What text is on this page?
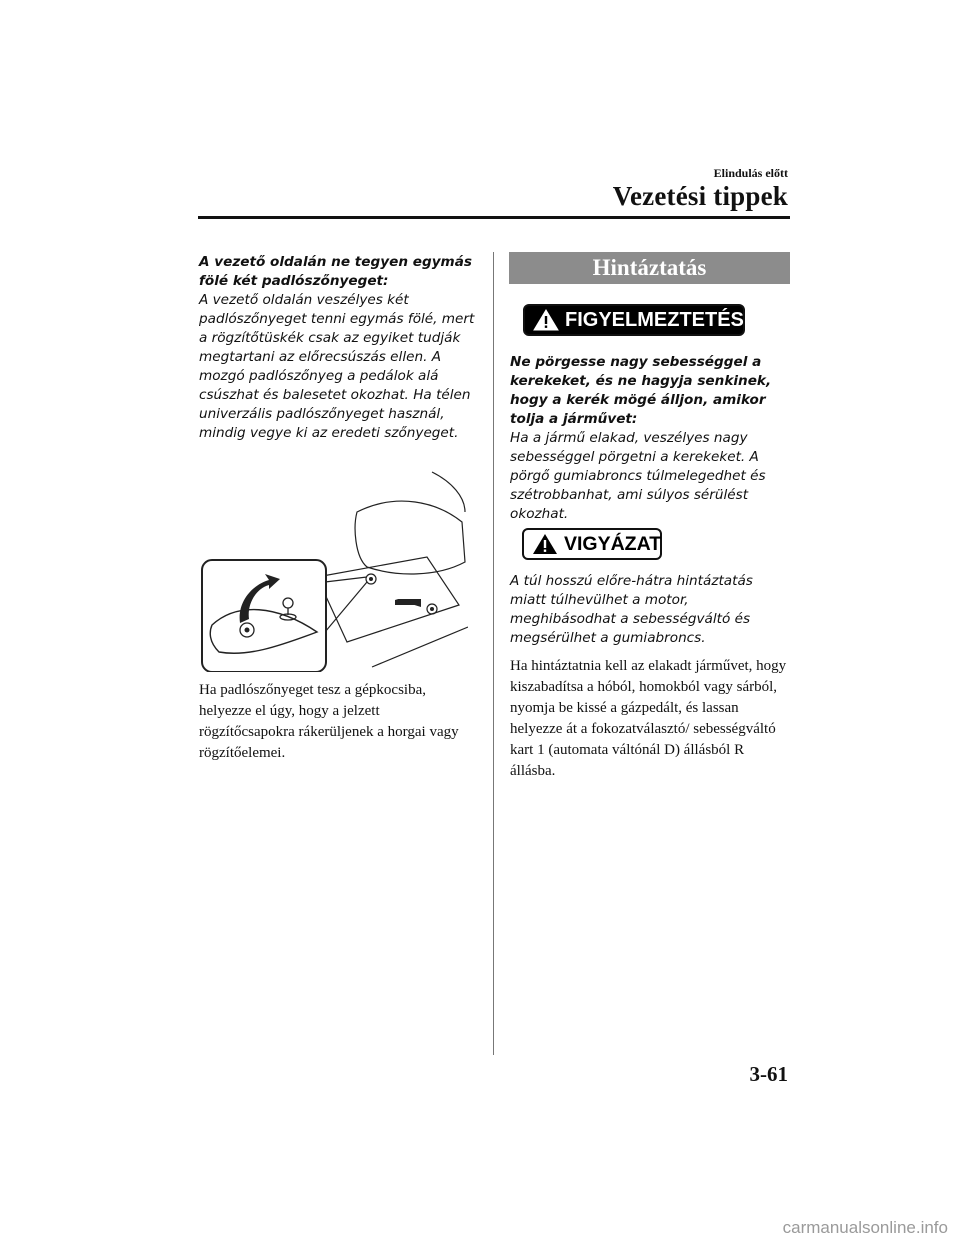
Elindulás előtt
Vezetési tippek

A vezető oldalán ne tegyen egymás fölé két padlószőnyeget:

A vezető oldalán veszélyes két padlószőnyeget tenni egymás fölé, mert a rögzítőtüskék csak az egyiket tudják megtartani az előrecsúszás ellen. A mozgó padlószőnyeg a pedálok alá csúszhat és balesetet okozhat. Ha télen univerzális padlószőnyeget használ, mindig vegye ki az eredeti szőnyeget.

Ha padlószőnyeget tesz a gépkocsiba, helyezze el úgy, hogy a jelzett rögzítőcsapokra rákerüljenek a horgai vagy rögzítőelemei.
Hintáztatás
FIGYELMEZTETÉS
Ne pörgesse nagy sebességgel a kerekeket, és ne hagyja senkinek, hogy a kerék mögé álljon, amikor tolja a járművet:
Ha a jármű elakad, veszélyes nagy sebességgel pörgetni a kerekeket. A pörgő gumiabroncs túlmelegedhet és szétrobbanhat, ami súlyos sérülést okozhat.
VIGYÁZAT
A túl hosszú előre-hátra hintáztatás miatt túlhevülhet a motor, meghibásodhat a sebességváltó és megsérülhet a gumiabroncs.
Ha hintáztatnia kell az elakadt járművet, hogy kiszabadítsa a hóból, homokból vagy sárból, nyomja be kissé a gázpedált, és lassan helyezze át a fokozatválasztó/ sebességváltó kart 1 (automata váltónál D) állásból R állásba.
3-61
carmanualsonline.info
